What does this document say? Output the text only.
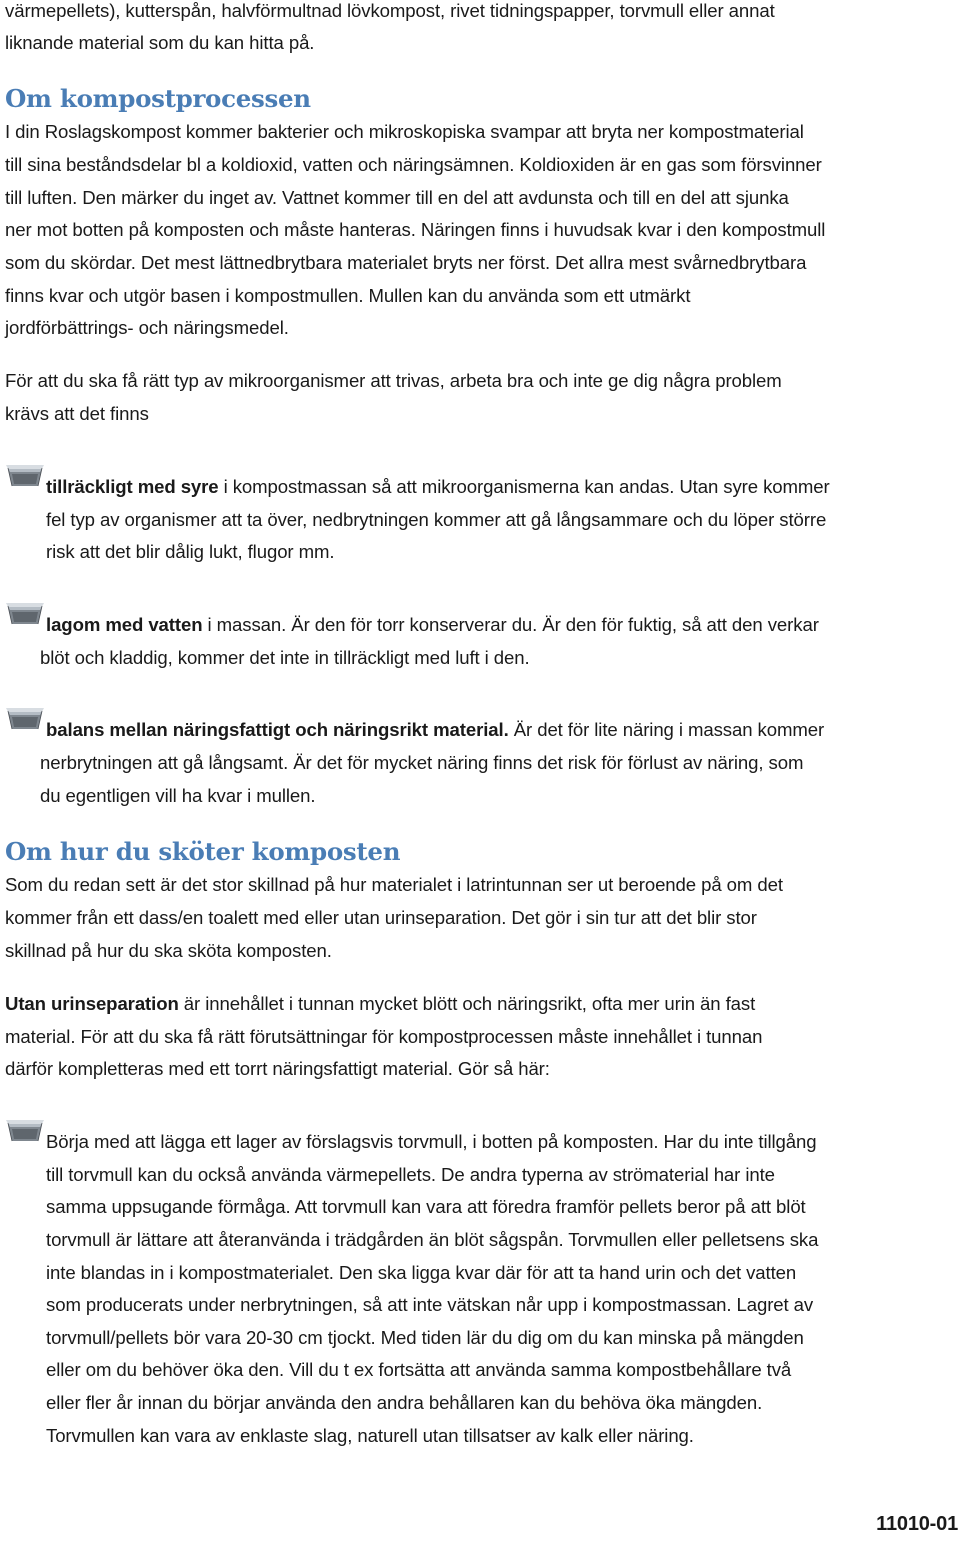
värmepellets), kutterspån, halvförmultnad lövkompost, rivet tidningspapper, torvmull eller annat
liknande material som du kan hitta på.
Om kompostprocessen
I din Roslagskompost kommer bakterier och mikroskopiska svampar att bryta ner kompostmaterial
till sina beståndsdelar bl a koldioxid, vatten och näringsämnen. Koldioxiden är en gas som försvinner
till luften. Den märker du inget av. Vattnet kommer till en del att avdunsta och till en del att sjunka
ner mot botten på komposten och måste hanteras. Näringen finns i huvudsak kvar i den kompostmull
som du skördar. Det mest lättnedbrytbara materialet bryts ner först. Det allra mest svårnedbrytbara
finns kvar och utgör basen i kompostmullen. Mullen kan du använda som ett utmärkt
jordförbättrings- och näringsmedel.
För att du ska få rätt typ av mikroorganismer att trivas, arbeta bra och inte ge dig några problem
krävs att det finns
tillräckligt med syre i kompostmassan så att mikroorganismerna kan andas. Utan syre kommer
fel typ av organismer att ta över, nedbrytningen kommer att gå långsammare och du löper större
risk att det blir dålig lukt, flugor mm.
lagom med vatten i massan. Är den för torr konserverar du. Är den för fuktig, så att den verkar
blöt och kladdig, kommer det inte in tillräckligt med luft i den.
balans mellan näringsfattigt och näringsrikt material. Är det för lite näring i massan kommer
nerbrytningen att gå långsamt. Är det för mycket näring finns det risk för förlust av näring, som
du egentligen vill ha kvar i mullen.
Om hur du sköter komposten
Som du redan sett är det stor skillnad på hur materialet i latrintunnan ser ut beroende på om det
kommer från ett dass/en toalett med eller utan urinseparation. Det gör i sin tur att det blir stor
skillnad på hur du ska sköta komposten.
Utan urinseparation är innehållet i tunnan mycket blött och näringsrikt, ofta mer urin än fast
material. För att du ska få rätt förutsättningar för kompostprocessen måste innehållet i tunnan
därför kompletteras med ett torrt näringsfattigt material. Gör så här:
Börja med att lägga ett lager av förslagsvis torvmull, i botten på komposten. Har du inte tillgång
till torvmull kan du också använda värmepellets. De andra typerna av strömaterial har inte
samma uppsugande förmåga. Att torvmull kan vara att föredra framför pellets beror på att blöt
torvmull är lättare att återanvända i trädgården än blöt sågspån. Torvmullen eller pelletsens ska
inte blandas in i kompostmaterialet. Den ska ligga kvar där för att ta hand urin och det vatten
som producerats under nerbrytningen, så att inte vätskan når upp i kompostmassan. Lagret av
torvmull/pellets bör vara 20-30 cm tjockt. Med tiden lär du dig om du kan minska på mängden
eller om du behöver öka den. Vill du t ex fortsätta att använda samma kompostbehållare två
eller fler år innan du börjar använda den andra behållaren kan du behöva öka mängden.
Torvmullen kan vara av enklaste slag, naturell utan tillsatser av kalk eller näring.
11010-01
